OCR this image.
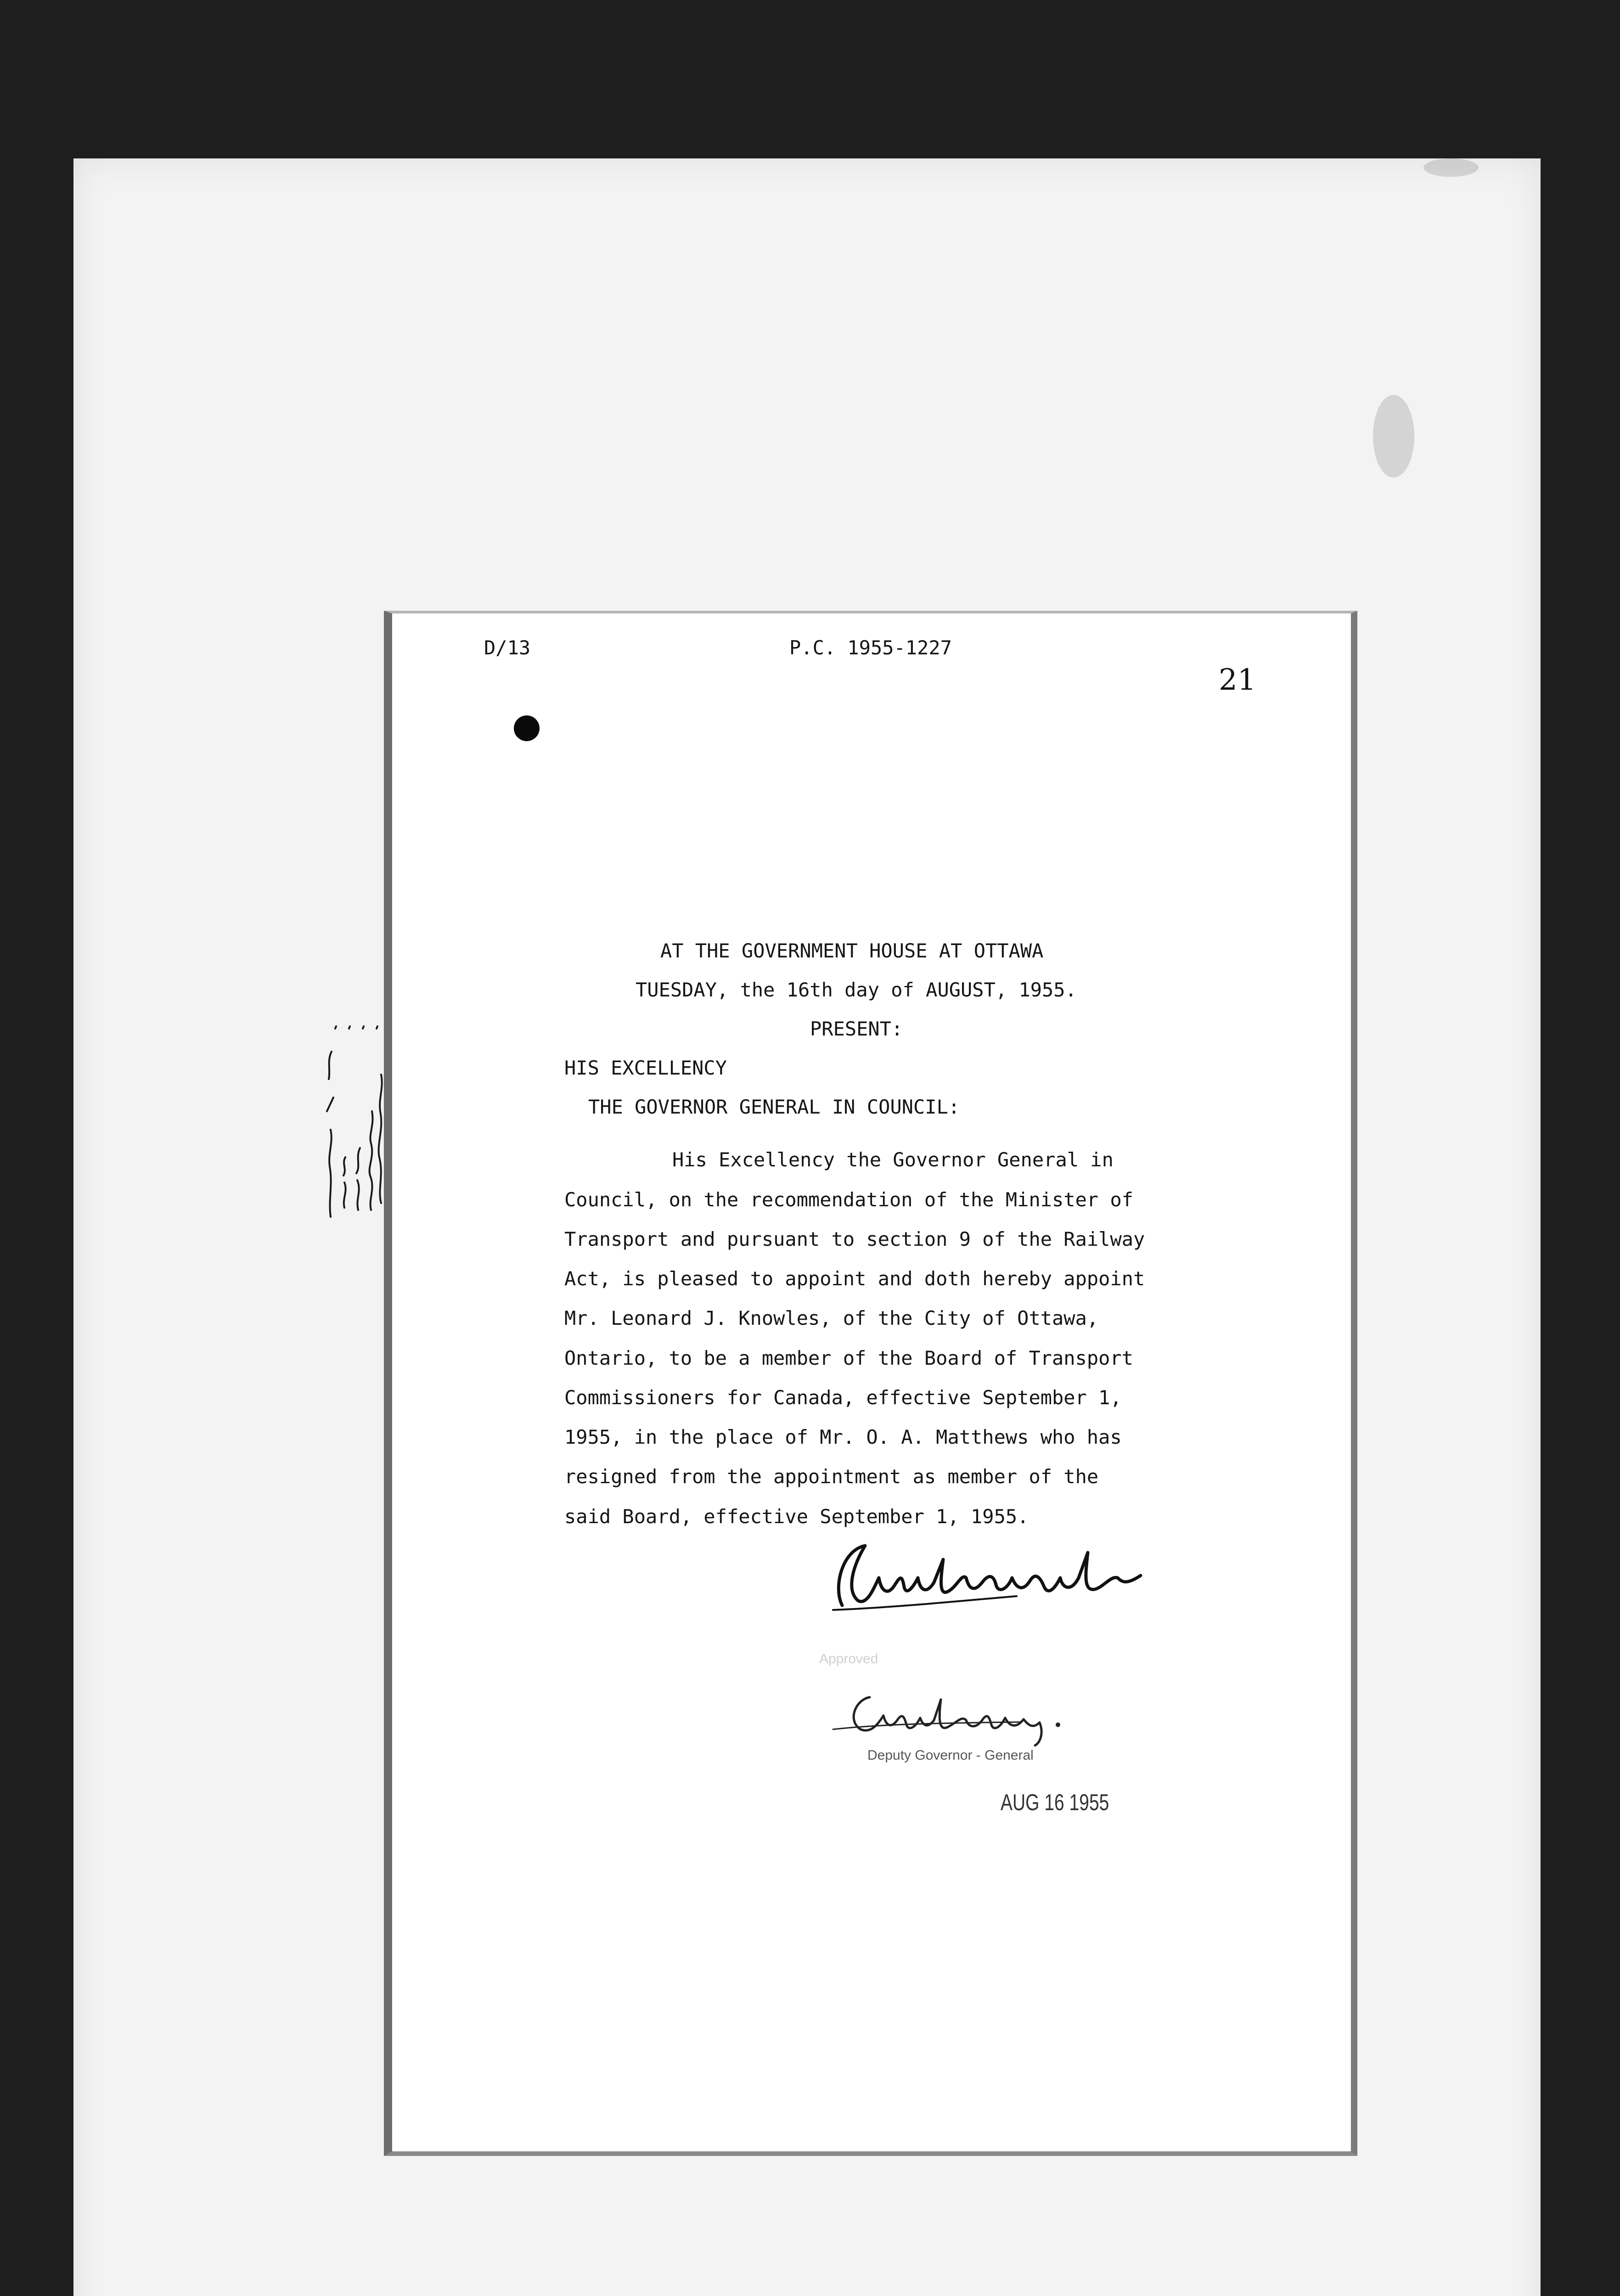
D/13	P.C. 1955-1227
21
AT THE GOVERNMENT HOUSE AT OTTAWA
TUESDAY, the 16th day of AUGUST, 1955.
PRESENT:
HIS EXCELLENCY
THE GOVERNOR GENERAL IN COUNCIL:
His Excellency the Governor General in
Council, on the recommendation of the Minister of
Transport and pursuant to section 9 of the Railway
Act, is pleased to appoint and doth hereby appoint
Mr. Leonard J. Knowles, of the City of Ottawa,
Ontario, to be a member of the Board of Transport
Commissioners for Canada, effective September 1,
1955, in the place of Mr. O. A. Matthews who has
resigned from the appointment as member of the
said Board, effective September 1, 1955.
Approved
Deputy Governor - General
AUG 16 1955
